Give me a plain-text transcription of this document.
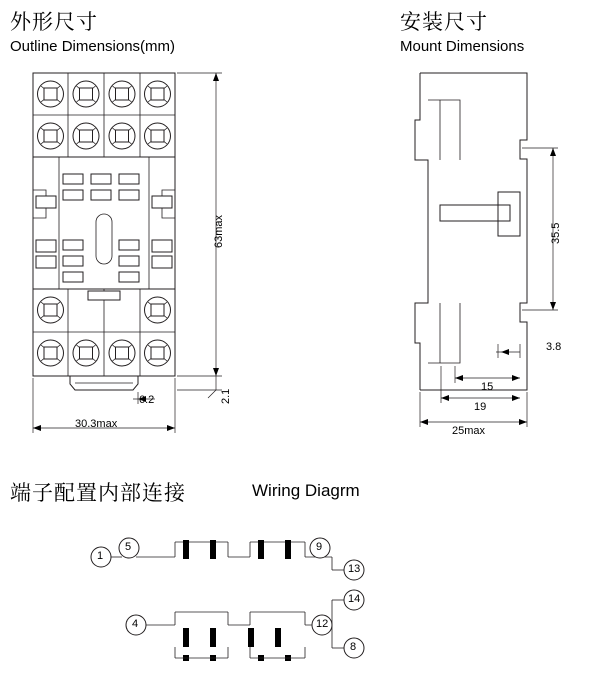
外形尺寸
Outline Dimensions(mm)
安装尺寸
Mount Dimensions
端子配置内部连接	Wiring Diagrm
63max
30.3max
6.2	2.1
35.5
3.8
15
19
25max
1
5	9
13
4
14
12
8
